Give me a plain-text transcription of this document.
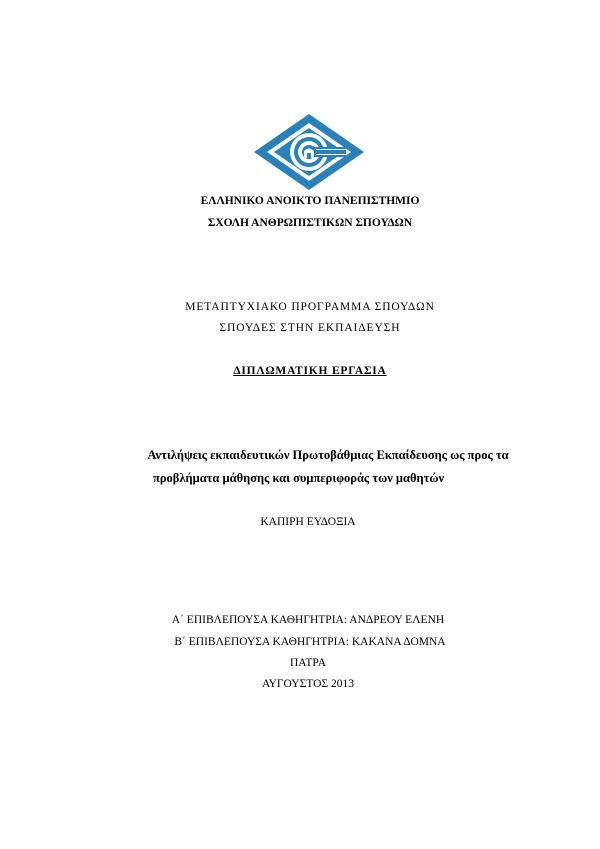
ΕΛΛΗΝΙΚΟ ΑΝΟΙΚΤΟ ΠΑΝΕΠΙΣΤΗΜΙΟ
ΣΧΟΛΗ ΑΝΘΡΩΠΙΣΤΙΚΩΝ ΣΠΟΥΔΩΝ
ΜΕΤΑΠΤΥΧΙΑΚΟ ΠΡΟΓΡΑΜΜΑ ΣΠΟΥΔΩΝ
ΣΠΟΥΔΕΣ ΣΤΗΝ ΕΚΠΑΙΔΕΥΣΗ
ΔΙΠΛΩΜΑΤΙΚΗ ΕΡΓΑΣΙΑ
Αντιλήψεις εκπαιδευτικών Πρωτοβάθμιας Εκπαίδευσης ως προς τα
προβλήματα μάθησης και συμπεριφοράς των μαθητών
ΚΑΠΙΡΗ ΕΥΔΟΞΙΑ
Α΄ ΕΠΙΒΛΕΠΟΥΣΑ ΚΑΘΗΓΗΤΡΙΑ: ΑΝΔΡΕΟΥ ΕΛΕΝΗ
Β΄ ΕΠΙΒΛΕΠΟΥΣΑ ΚΑΘΗΓΗΤΡΙΑ: ΚΑΚΑΝΑ ΔΟΜΝΑ
ΠΑΤΡΑ
ΑΥΓΟΥΣΤΟΣ 2013
